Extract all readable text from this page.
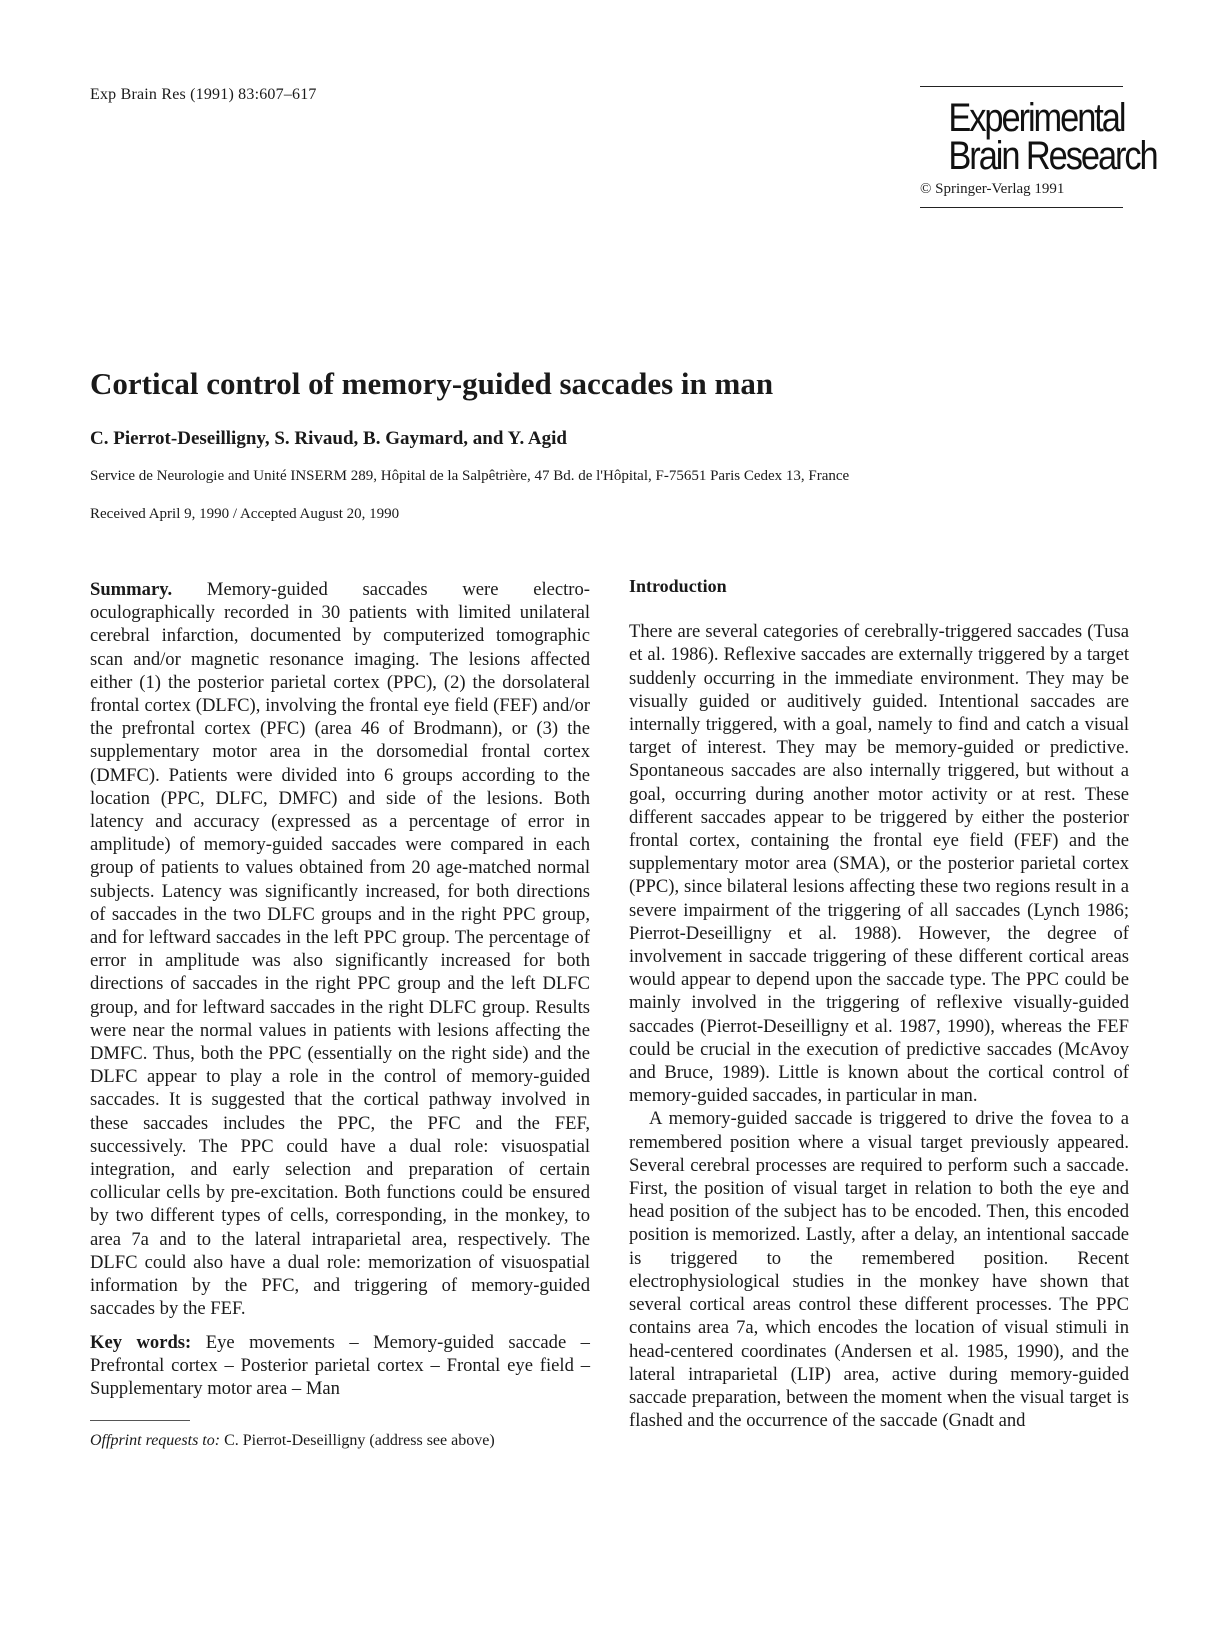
Exp Brain Res (1991) 83:607–617
Experimental
Brain Research
© Springer-Verlag 1991
Cortical control of memory-guided saccades in man
C. Pierrot-Deseilligny, S. Rivaud, B. Gaymard, and Y. Agid
Service de Neurologie and Unité INSERM 289, Hôpital de la Salpêtrière, 47 Bd. de l'Hôpital, F-75651 Paris Cedex 13, France
Received April 9, 1990 / Accepted August 20, 1990

Summary. Memory-guided saccades were electro-oculographically recorded in 30 patients with limited unilateral cerebral infarction, documented by computerized tomographic scan and/or magnetic resonance imaging. The lesions affected either (1) the posterior parietal cortex (PPC), (2) the dorsolateral frontal cortex (DLFC), involving the frontal eye field (FEF) and/or the prefrontal cortex (PFC) (area 46 of Brodmann), or (3) the supplementary motor area in the dorsomedial frontal cortex (DMFC). Patients were divided into 6 groups according to the location (PPC, DLFC, DMFC) and side of the lesions. Both latency and accuracy (expressed as a percentage of error in amplitude) of memory-guided saccades were compared in each group of patients to values obtained from 20 age-matched normal subjects. Latency was significantly increased, for both directions of saccades in the two DLFC groups and in the right PPC group, and for leftward saccades in the left PPC group. The percentage of error in amplitude was also significantly increased for both directions of saccades in the right PPC group and the left DLFC group, and for leftward saccades in the right DLFC group. Results were near the normal values in patients with lesions affecting the DMFC. Thus, both the PPC (essentially on the right side) and the DLFC appear to play a role in the control of memory-guided saccades. It is suggested that the cortical pathway involved in these saccades includes the PPC, the PFC and the FEF, successively. The PPC could have a dual role: visuospatial integration, and early selection and preparation of certain collicular cells by pre-excitation. Both functions could be ensured by two different types of cells, corresponding, in the monkey, to area 7a and to the lateral intraparietal area, respectively. The DLFC could also have a dual role: memorization of visuospatial information by the PFC, and triggering of memory-guided saccades by the FEF.

Key words: Eye movements – Memory-guided saccade – Prefrontal cortex – Posterior parietal cortex – Frontal eye field – Supplementary motor area – Man

Offprint requests to: C. Pierrot-Deseilligny (address see above)
Introduction

There are several categories of cerebrally-triggered saccades (Tusa et al. 1986). Reflexive saccades are externally triggered by a target suddenly occurring in the immediate environment. They may be visually guided or auditively guided. Intentional saccades are internally triggered, with a goal, namely to find and catch a visual target of interest. They may be memory-guided or predictive. Spontaneous saccades are also internally triggered, but without a goal, occurring during another motor activity or at rest. These different saccades appear to be triggered by either the posterior frontal cortex, containing the frontal eye field (FEF) and the supplementary motor area (SMA), or the posterior parietal cortex (PPC), since bilateral lesions affecting these two regions result in a severe impairment of the triggering of all saccades (Lynch 1986; Pierrot-Deseilligny et al. 1988). However, the degree of involvement in saccade triggering of these different cortical areas would appear to depend upon the saccade type. The PPC could be mainly involved in the triggering of reflexive visually-guided saccades (Pierrot-Deseilligny et al. 1987, 1990), whereas the FEF could be crucial in the execution of predictive saccades (McAvoy and Bruce, 1989). Little is known about the cortical control of memory-guided saccades, in particular in man.

A memory-guided saccade is triggered to drive the fovea to a remembered position where a visual target previously appeared. Several cerebral processes are required to perform such a saccade. First, the position of visual target in relation to both the eye and head position of the subject has to be encoded. Then, this encoded position is memorized. Lastly, after a delay, an intentional saccade is triggered to the remembered position. Recent electrophysiological studies in the monkey have shown that several cortical areas control these different processes. The PPC contains area 7a, which encodes the location of visual stimuli in head-centered coordinates (Andersen et al. 1985, 1990), and the lateral intraparietal (LIP) area, active during memory-guided saccade preparation, between the moment when the visual target is flashed and the occurrence of the saccade (Gnadt and
